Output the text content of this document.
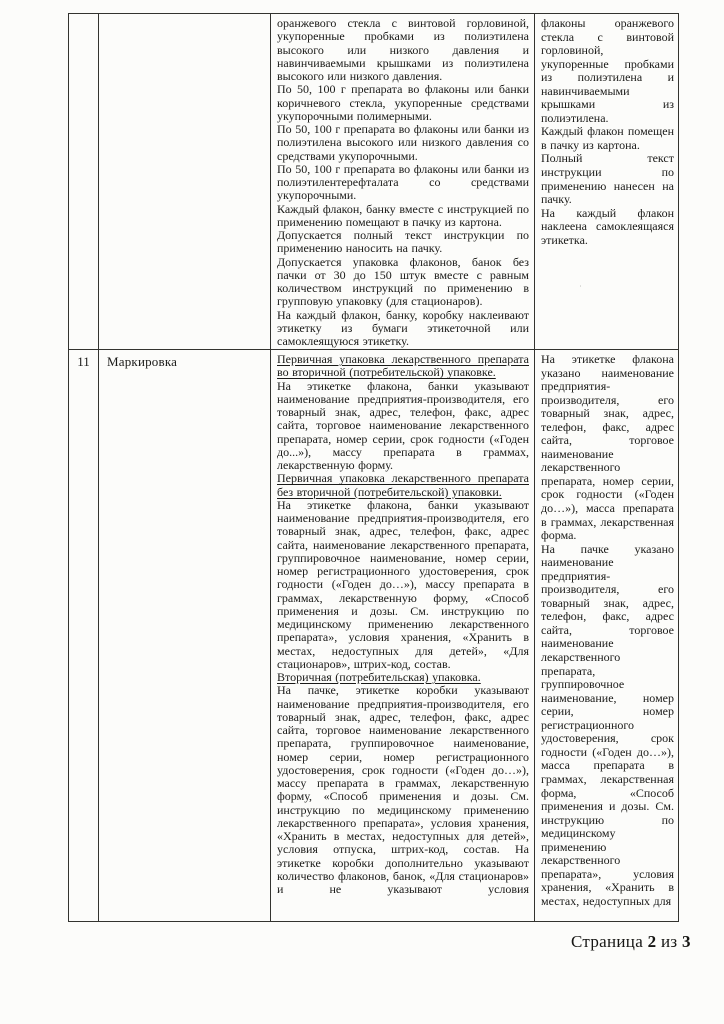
оранжевого стекла с винтовой горловиной, укупоренные пробками из полиэтилена высокого или низкого давления и навинчиваемыми крышками из полиэтилена высокого или низкого давления.

По 50, 100 г препарата во флаконы или банки коричневого стекла, укупоренные средствами укупорочными полимерными.

По 50, 100 г препарата во флаконы или банки из полиэтилена высокого или низкого давления со средствами укупорочными.

По 50, 100 г препарата во флаконы или банки из полиэтилентерефталата со средствами укупорочными.

Каждый флакон, банку вместе с инструкцией по применению помещают в пачку из картона.

Допускается полный текст инструкции по применению наносить на пачку.

Допускается упаковка флаконов, банок без пачки от 30 до 150 штук вместе с равным количеством инструкций по применению в групповую упаковку (для стационаров).

На каждый флакон, банку, коробку наклеивают этикетку из бумаги этикеточной или самоклеящуюся этикетку.

флаконы оранжевого стекла с винтовой горловиной, укупоренные пробками из полиэтилена и навинчиваемыми крышками из полиэтилена.

Каждый флакон помещен в пачку из картона.

Полный текст инструкции по применению нанесен на пачку.

На каждый флакон наклеена самоклеящаяся этикетка.

11	Маркировка	Первичная упаковка лекарственного препарата во вторичной (потребительской) упаковке.

На этикетке флакона, банки указывают наименование предприятия-производителя, его товарный знак, адрес, телефон, факс, адрес сайта, торговое наименование лекарственного препарата, номер серии, срок годности («Годен до...»), массу препарата в граммах, лекарственную форму.

Первичная упаковка лекарственного препарата без вторичной (потребительской) упаковки.

На этикетке флакона, банки указывают наименование предприятия-производителя, его товарный знак, адрес, телефон, факс, адрес сайта, наименование лекарственного препарата, группировочное наименование, номер серии, номер регистрационного удостоверения, срок годности («Годен до…»), массу препарата в граммах, лекарственную форму, «Способ применения и дозы. См. инструкцию по медицинскому применению лекарственного препарата», условия хранения, «Хранить в местах, недоступных для детей», «Для стационаров», штрих-код, состав.

Вторичная (потребительская) упаковка.

На пачке, этикетке коробки указывают наименование предприятия-производителя, его товарный знак, адрес, телефон, факс, адрес сайта, торговое наименование лекарственного препарата, группировочное наименование, номер серии, номер регистрационного удостоверения, срок годности («Годен до…»), массу препарата в граммах, лекарственную форму, «Способ применения и дозы. См. инструкцию по медицинскому применению лекарственного препарата», условия хранения, «Хранить в местах, недоступных для детей», условия отпуска, штрих-код, состав. На этикетке коробки дополнительно указывают количество флаконов, банок, «Для стационаров» и не указывают условия

На этикетке флакона указано наименование предприятия-производителя, его товарный знак, адрес, телефон, факс, адрес сайта, торговое наименование лекарственного препарата, номер серии, срок годности («Годен до…»), масса препарата в граммах, лекарственная форма.

На пачке указано наименование предприятия-производителя, его товарный знак, адрес, телефон, факс, адрес сайта, торговое наименование лекарственного препарата, группировочное наименование, номер серии, номер регистрационного удостоверения, срок годности («Годен до…»), масса препарата в граммах, лекарственная форма, «Способ применения и дозы. См. инструкцию по медицинскому применению лекарственного препарата», условия хранения, «Хранить в местах, недоступных для

Страница 2 из 3
